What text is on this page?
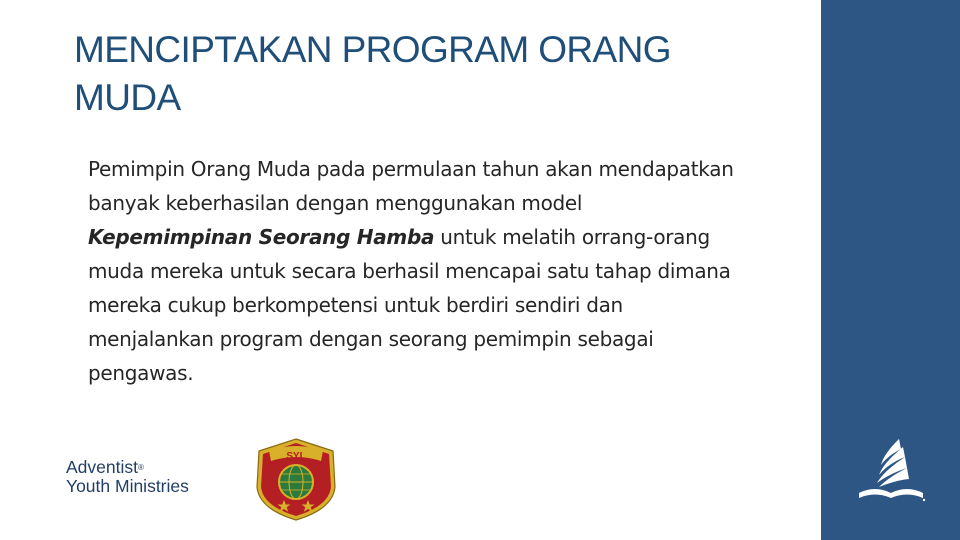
MENCIPTAKAN PROGRAM ORANG
MUDA
Pemimpin Orang Muda pada permulaan tahun akan mendapatkan banyak keberhasilan dengan menggunakan model Kepemimpinan Seorang Hamba untuk melatih orrang-orang muda mereka untuk secara berhasil mencapai satu tahap dimana mereka cukup berkompetensi untuk berdiri sendiri dan menjalankan program dengan seorang pemimpin sebagai pengawas.
Adventist®
Youth Ministries
SYL
